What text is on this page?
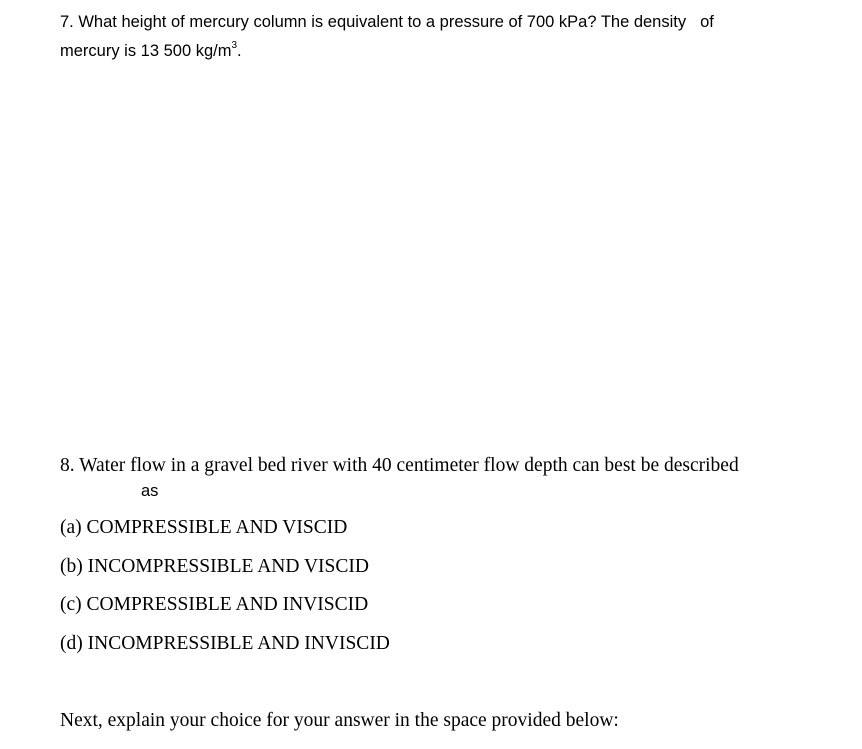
7. What height of mercury column is equivalent to a pressure of 700 kPa? The density of
mercury is 13 500 $kg/m^3$.
8. Water flow in a gravel bed river with 40 centimeter flow depth can best be described
as
(a) COMPRESSIBLE AND VISCID
(b) INCOMPRESSIBLE AND VISCID
(c) COMPRESSIBLE AND INVISCID
(d) INCOMPRESSIBLE AND INVISCID
Next, explain your choice for your answer in the space provided below:
